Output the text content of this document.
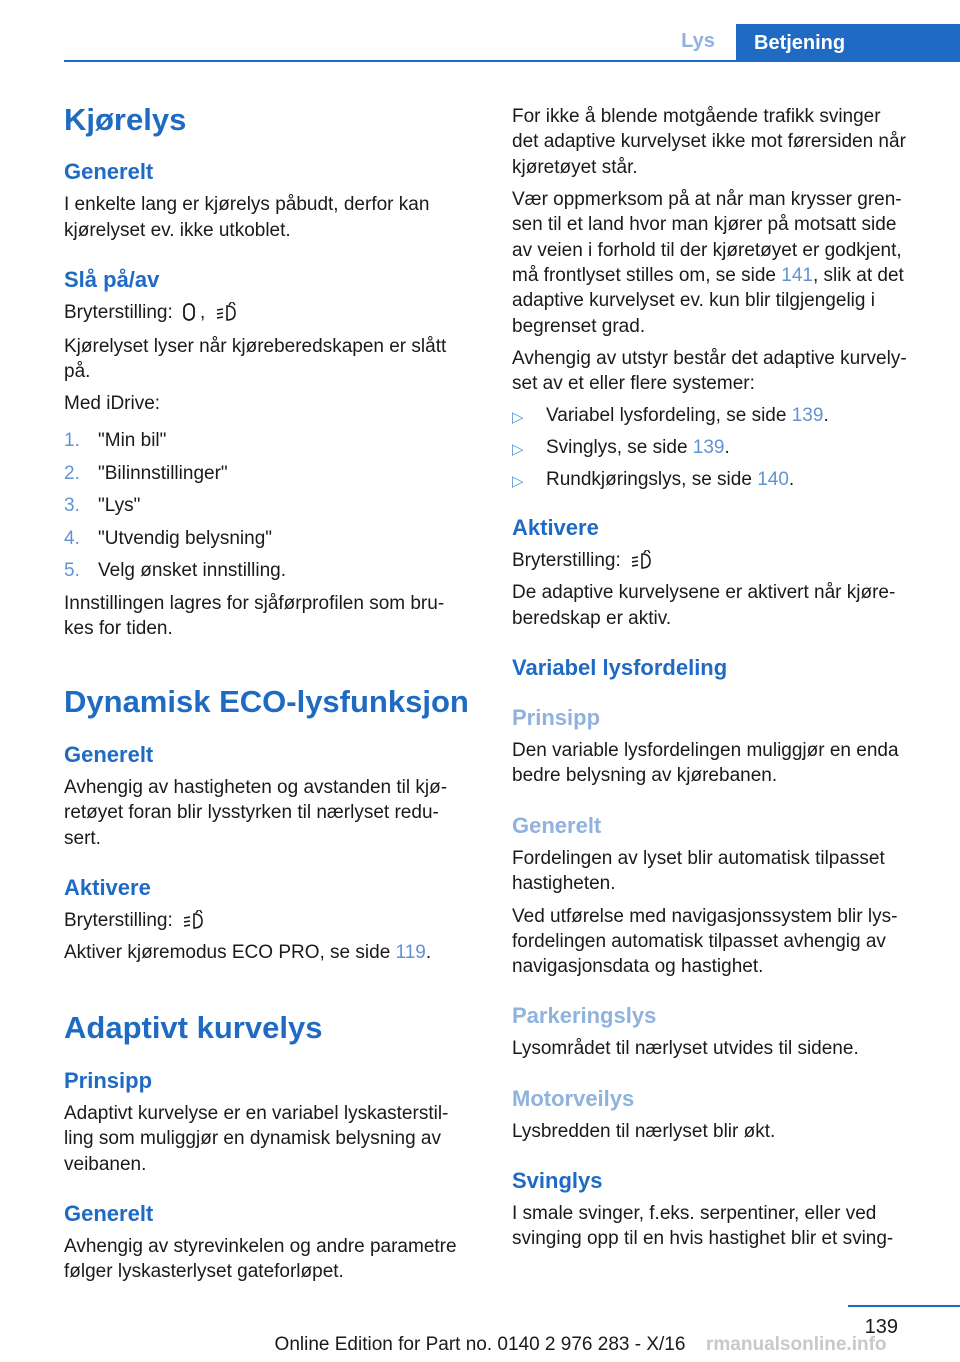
Lys	Betjening
Kjørelys
Generelt
I enkelte lang er kjørelys påbudt, derfor kan
kjørelyset ev. ikke utkoblet.
Slå på/av
Bryterstilling: ,
Kjørelyset lyser når kjøreberedskapen er slått
på.
Med iDrive:
1. "Min bil"
2. "Bilinnstillinger"
3. "Lys"
4. "Utvendig belysning"
5. Velg ønsket innstilling.
Innstillingen lagres for sjåførprofilen som bru-
kes for tiden.
Dynamisk ECO-lysfunksjon
Generelt
Avhengig av hastigheten og avstanden til kjø-
retøyet foran blir lysstyrken til nærlyset redu-
sert.
Aktivere
Bryterstilling:
Aktiver kjøremodus ECO PRO, se side 119.
Adaptivt kurvelys
Prinsipp
Adaptivt kurvelyse er en variabel lyskasterstil-
ling som muliggjør en dynamisk belysning av
veibanen.
Generelt
Avhengig av styrevinkelen og andre parametre
følger lyskasterlyset gateforløpet.
For ikke å blende motgående trafikk svinger
det adaptive kurvelyset ikke mot førersiden når
kjøretøyet står.
Vær oppmerksom på at når man krysser gren-
sen til et land hvor man kjører på motsatt side
av veien i forhold til der kjøretøyet er godkjent,
må frontlyset stilles om, se side 141, slik at det
adaptive kurvelyset ev. kun blir tilgjengelig i
begrenset grad.
Avhengig av utstyr består det adaptive kurvely-
set av et eller flere systemer:
▷ Variabel lysfordeling, se side 139.
▷ Svinglys, se side 139.
▷ Rundkjøringslys, se side 140.
Aktivere
Bryterstilling:
De adaptive kurvelysene er aktivert når kjøre-
beredskap er aktiv.
Variabel lysfordeling
Prinsipp
Den variable lysfordelingen muliggjør en enda
bedre belysning av kjørebanen.
Generelt
Fordelingen av lyset blir automatisk tilpasset
hastigheten.
Ved utførelse med navigasjonssystem blir lys-
fordelingen automatisk tilpasset avhengig av
navigasjonsdata og hastighet.
Parkeringslys
Lysområdet til nærlyset utvides til sidene.
Motorveilys
Lysbredden til nærlyset blir økt.
Svinglys
I smale svinger, f.eks. serpentiner, eller ved
svinging opp til en hvis hastighet blir et sving-
139
Online Edition for Part no. 0140 2 976 283 - X/16	rmanualsonline.info
